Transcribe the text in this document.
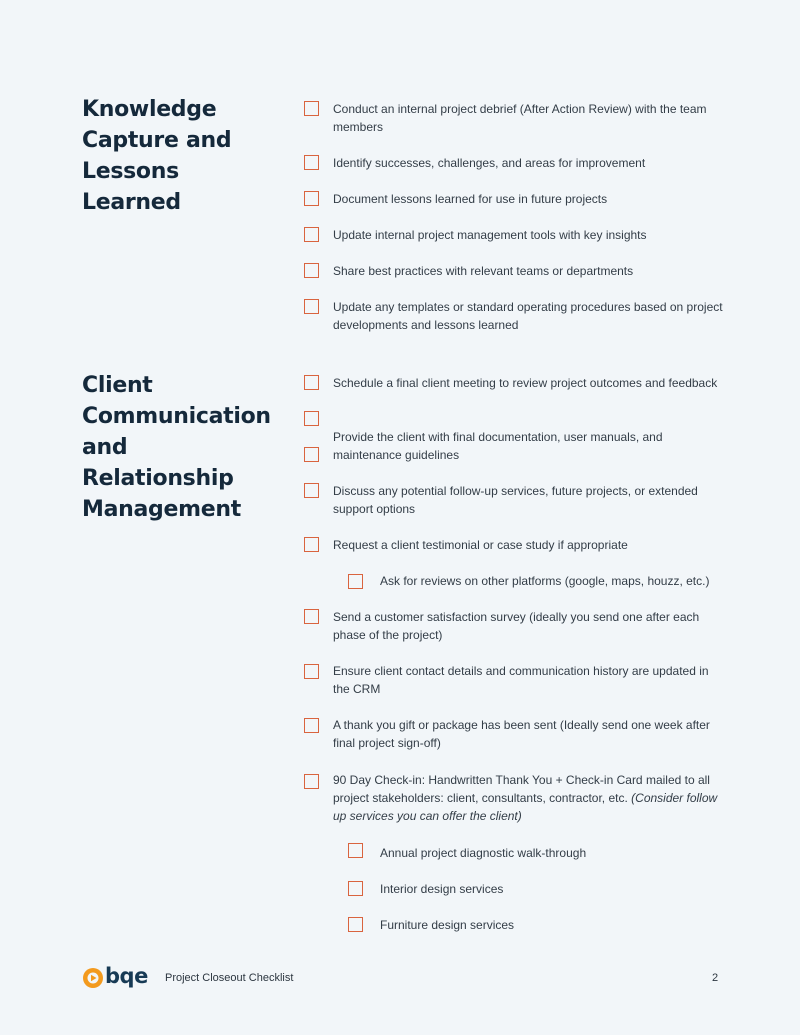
Knowledge
Capture and
Lessons Learned
Conduct an internal project debrief (After Action Review) with the team members
Identify successes, challenges, and areas for improvement
Document lessons learned for use in future projects
Update internal project management tools with key insights
Share best practices with relevant teams or departments
Update any templates or standard operating procedures based on project developments and lessons learned
Client
Communication
and Relationship
Management
Schedule a final client meeting to review project outcomes and feedback
Provide the client with final documentation, user manuals, and maintenance guidelines
Discuss any potential follow-up services, future projects, or extended support options
Request a client testimonial or case study if appropriate
Ask for reviews on other platforms (google, maps, houzz, etc.)
Send a customer satisfaction survey (ideally you send one after each phase of the project)
Ensure client contact details and communication history are updated in the CRM
A thank you gift or package has been sent (Ideally send one week after final project sign-off)
90 Day Check-in: Handwritten Thank You + Check-in Card mailed to all project stakeholders: client, consultants, contractor, etc. (Consider follow up services you can offer the client)
Annual project diagnostic walk-through
Interior design services
Furniture design services
bqe Project Closeout Checklist	2
